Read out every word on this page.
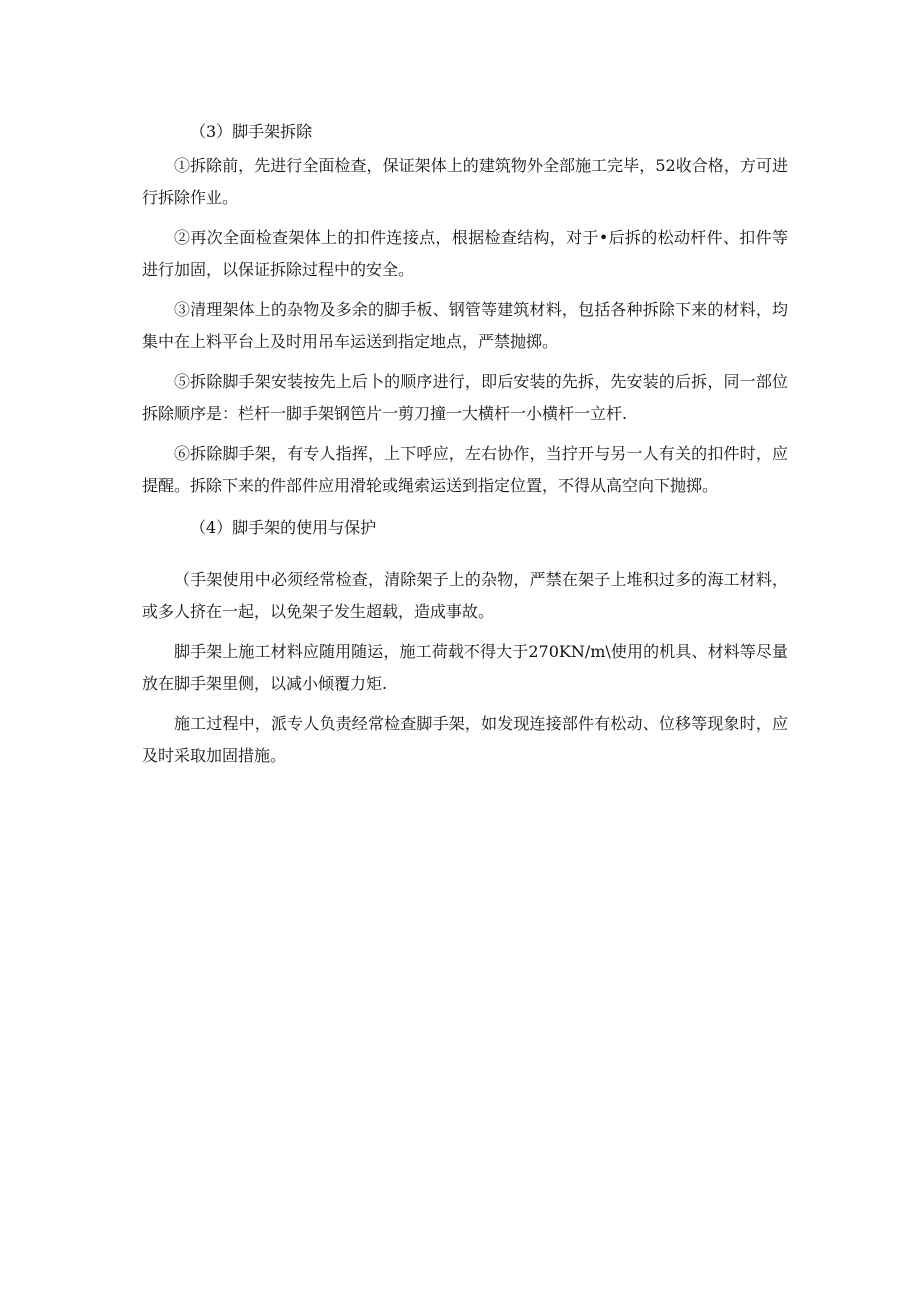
（3）脚手架拆除

①拆除前，先进行全面检查，保证架体上的建筑物外全部施工完毕，52收合格，方可进行拆除作业。

②再次全面检查架体上的扣件连接点，根据检查结构，对于•后拆的松动杆件、扣件等进行加固，以保证拆除过程中的安全。

③清理架体上的杂物及多余的脚手板、钢管等建筑材料，包括各种拆除下来的材料，均集中在上料平台上及时用吊车运送到指定地点，严禁抛掷。

⑤拆除脚手架安装按先上后卜的顺序进行，即后安装的先拆，先安装的后拆，同一部位拆除顺序是：栏杆一脚手架钢笆片一剪刀撞一大横杆一小横杆一立杆.

⑥拆除脚手架，有专人指挥，上下呼应，左右协作，当拧开与另一人有关的扣件时，应提醒。拆除下来的件部件应用滑轮或绳索运送到指定位置，不得从高空向下抛掷。

（4）脚手架的使用与保护

（手架使用中必须经常检查，清除架子上的杂物，严禁在架子上堆积过多的海工材料，或多人挤在一起，以免架子发生超载，造成事故。

脚手架上施工材料应随用随运，施工荷载不得大于270KN∕m\使用的机具、材料等尽量放在脚手架里侧，以减小倾覆力矩.

施工过程中，派专人负责经常检查脚手架，如发现连接部件有松动、位移等现象时，应及时采取加固措施。
